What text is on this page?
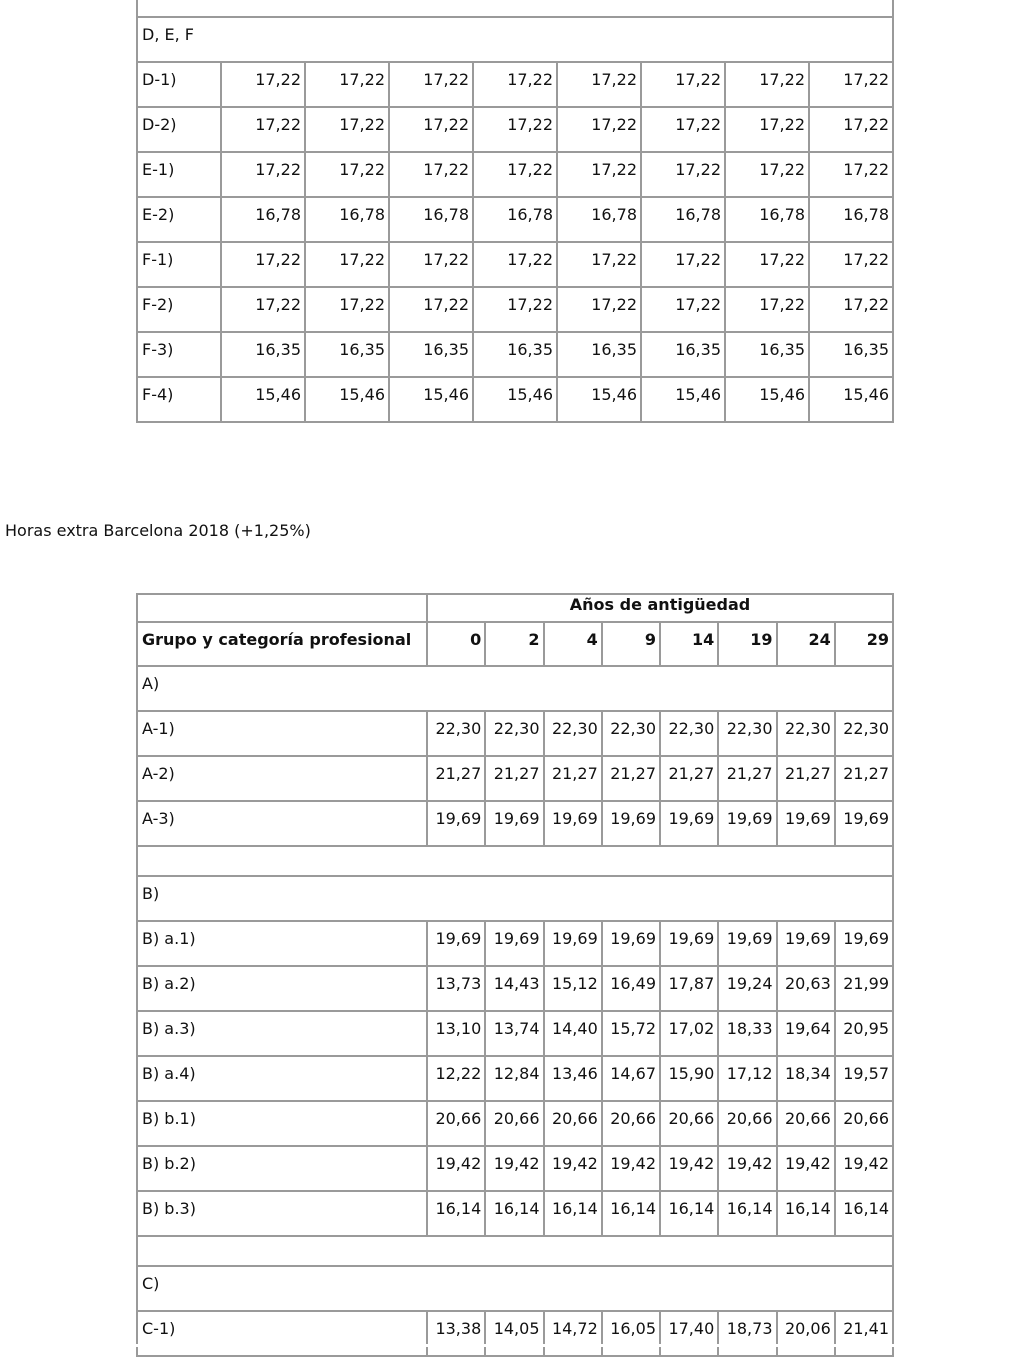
D, E, F								
D-1)	17,22	17,22	17,22	17,22	17,22	17,22	17,22	17,22
D-2)	17,22	17,22	17,22	17,22	17,22	17,22	17,22	17,22
E-1)	17,22	17,22	17,22	17,22	17,22	17,22	17,22	17,22
E-2)	16,78	16,78	16,78	16,78	16,78	16,78	16,78	16,78
F-1)	17,22	17,22	17,22	17,22	17,22	17,22	17,22	17,22
F-2)	17,22	17,22	17,22	17,22	17,22	17,22	17,22	17,22
F-3)	16,35	16,35	16,35	16,35	16,35	16,35	16,35	16,35
F-4)	15,46	15,46	15,46	15,46	15,46	15,46	15,46	15,46
Horas extra Barcelona 2018 (+1,25%)
	Años de antigüedad							
Grupo y categoría profesional	0	2	4	9	14	19	24	29
A)								
A-1)	22,30	22,30	22,30	22,30	22,30	22,30	22,30	22,30
A-2)	21,27	21,27	21,27	21,27	21,27	21,27	21,27	21,27
A-3)	19,69	19,69	19,69	19,69	19,69	19,69	19,69	19,69

B)								
B) a.1)	19,69	19,69	19,69	19,69	19,69	19,69	19,69	19,69
B) a.2)	13,73	14,43	15,12	16,49	17,87	19,24	20,63	21,99
B) a.3)	13,10	13,74	14,40	15,72	17,02	18,33	19,64	20,95
B) a.4)	12,22	12,84	13,46	14,67	15,90	17,12	18,34	19,57
B) b.1)	20,66	20,66	20,66	20,66	20,66	20,66	20,66	20,66
B) b.2)	19,42	19,42	19,42	19,42	19,42	19,42	19,42	19,42
B) b.3)	16,14	16,14	16,14	16,14	16,14	16,14	16,14	16,14

C)								
C-1)	13,38	14,05	14,72	16,05	17,40	18,73	20,06	21,41
